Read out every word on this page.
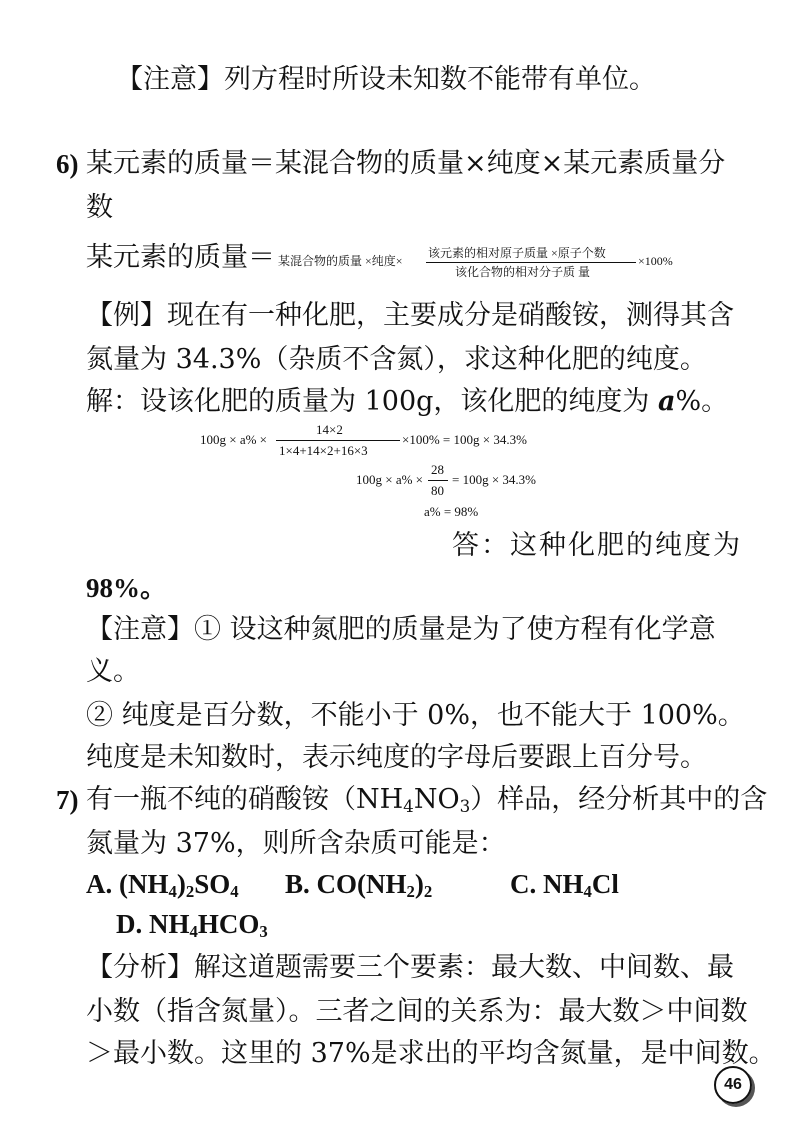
【注意】列方程时所设未知数不能带有单位。
6) 某元素的质量＝某混合物的质量×纯度×某元素质量分
数
某元素的质量＝ 某混合物的质量 ×纯度×
该元素的相对原子质量 ×原子个数
该化合物的相对分子质 量
×100%
【例】现在有一种化肥，主要成分是硝酸铵，测得其含
氮量为 34.3%（杂质不含氮），求这种化肥的纯度。
解：设该化肥的质量为 100g，该化肥的纯度为 a%。
100g × a% ×
14×2
1×4+14×2+16×3
×100% = 100g × 34.3%
100g × a% ×
28
80
= 100g × 34.3%
a% = 98%
答：这种化肥的纯度为
98%。
【注意】① 设这种氮肥的质量是为了使方程有化学意
义。
② 纯度是百分数，不能小于 0%，也不能大于 100%。
纯度是未知数时，表示纯度的字母后要跟上百分号。
7) 有一瓶不纯的硝酸铵$(NH_4NO_3)$样品，经分析其中的含
氮量为 37%，则所含杂质可能是：
A. $(NH_4)_2SO_4$ B. $CO(NH_2)_2$	C. $NH_4Cl$
D. $NH_4HCO_3$
【分析】解这道题需要三个要素：最大数、中间数、最
小数（指含氮量）。三者之间的关系为：最大数＞中间数
＞最小数。这里的 37%是求出的平均含氮量，是中间数。
46
